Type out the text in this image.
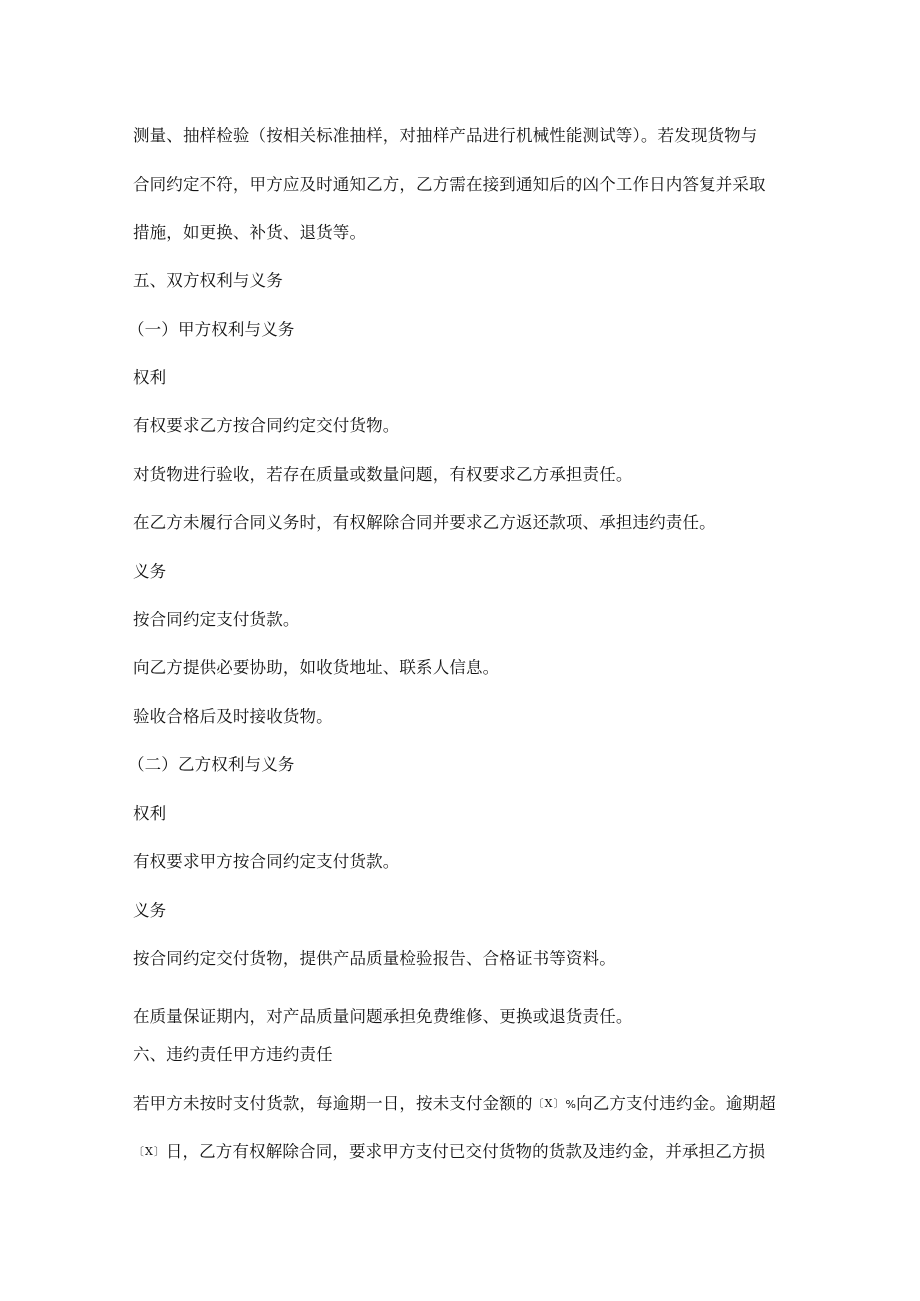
测量、抽样检验（按相关标准抽样，对抽样产品进行机械性能测试等）。若发现货物与
合同约定不符，甲方应及时通知乙方，乙方需在接到通知后的凶个工作日内答复并采取
措施，如更换、补货、退货等。
五、双方权利与义务
（一）甲方权利与义务
权利
有权要求乙方按合同约定交付货物。
对货物进行验收，若存在质量或数量问题，有权要求乙方承担责任。
在乙方未履行合同义务时，有权解除合同并要求乙方返还款项、承担违约责任。
义务
按合同约定支付货款。
向乙方提供必要协助，如收货地址、联系人信息。
验收合格后及时接收货物。
（二）乙方权利与义务
权利
有权要求甲方按合同约定支付货款。
义务
按合同约定交付货物，提供产品质量检验报告、合格证书等资料。
在质量保证期内，对产品质量问题承担免费维修、更换或退货责任。
六、违约责任甲方违约责任
若甲方未按时支付货款，每逾期一日，按未支付金额的〔X〕%向乙方支付违约金。逾期超
〔X〕日，乙方有权解除合同，要求甲方支付已交付货物的货款及违约金，并承担乙方损
